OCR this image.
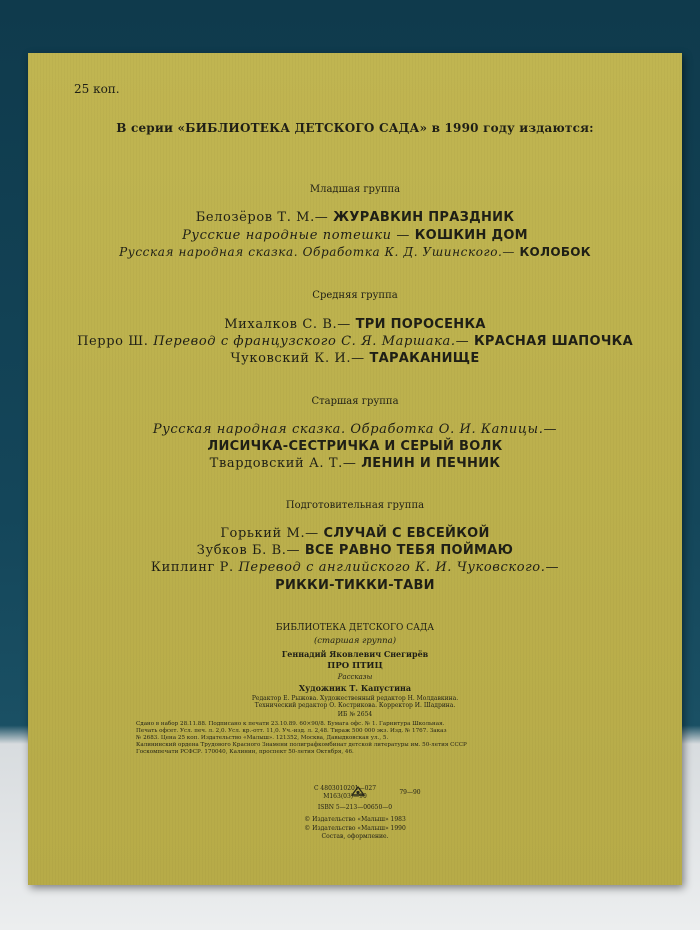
25 коп.
В серии «БИБЛИОТЕКА ДЕТСКОГО САДА» в 1990 году издаются:
Младшая группа
Белозёров Т. М.— ЖУРАВКИН ПРАЗДНИК
Русские народные потешки — КОШКИН ДОМ
Русская народная сказка. Обработка К. Д. Ушинского.— КОЛОБОК
Средняя группа
Михалков С. В.— ТРИ ПОРОСЕНКА
Перро Ш. Перевод с французского С. Я. Маршака.— КРАСНАЯ ШАПОЧКА
Чуковский К. И.— ТАРАКАНИЩЕ
Старшая группа
Русская народная сказка. Обработка О. И. Капицы.—
ЛИСИЧКА-СЕСТРИЧКА И СЕРЫЙ ВОЛК
Твардовский А. Т.— ЛЕНИН И ПЕЧНИК
Подготовительная группа
Горький М.— СЛУЧАЙ С ЕВСЕЙКОЙ
Зубков Б. В.— ВСЕ РАВНО ТЕБЯ ПОЙМАЮ
Киплинг Р. Перевод с английского К. И. Чуковского.—
РИККИ-ТИККИ-ТАВИ
БИБЛИОТЕКА ДЕТСКОГО САДА
(старшая группа)
Геннадий Яковлевич Снегирёв
ПРО ПТИЦ
Рассказы
Художник Т. Капустина
Редактор Е. Рыжова. Художественный редактор Н. Молдавкина.
Технический редактор О. Кострикова. Корректор И. Шадрина.
ИБ № 2654
Сдано в набор 28.11.88. Подписано к печати 23.10.89. 60×90/8. Бумага офс. № 1. Гарнитура Школьная.
Печать офсет. Усл. печ. л. 2,0. Усл. кр.-отт. 11,0. Уч.-изд. л. 2,48. Тираж 500 000 экз. Изд. № 1767. Заказ
№ 2683. Цена 25 коп. Издательство «Малыш». 121352, Москва, Давыдковская ул., 5.
Калининский ордена Трудового Красного Знамени полиграфкомбинат детской литературы им. 50-летия СССР
Госкомпечати РСФСР. 170040, Калинин, проспект 50-летия Октября, 46.
С 4803010201—027
М163(03)—90
79—90
ISBN 5—213—00650—0
© Издательство «Малыш» 1983
© Издательство «Малыш» 1990
Состав, оформление.
